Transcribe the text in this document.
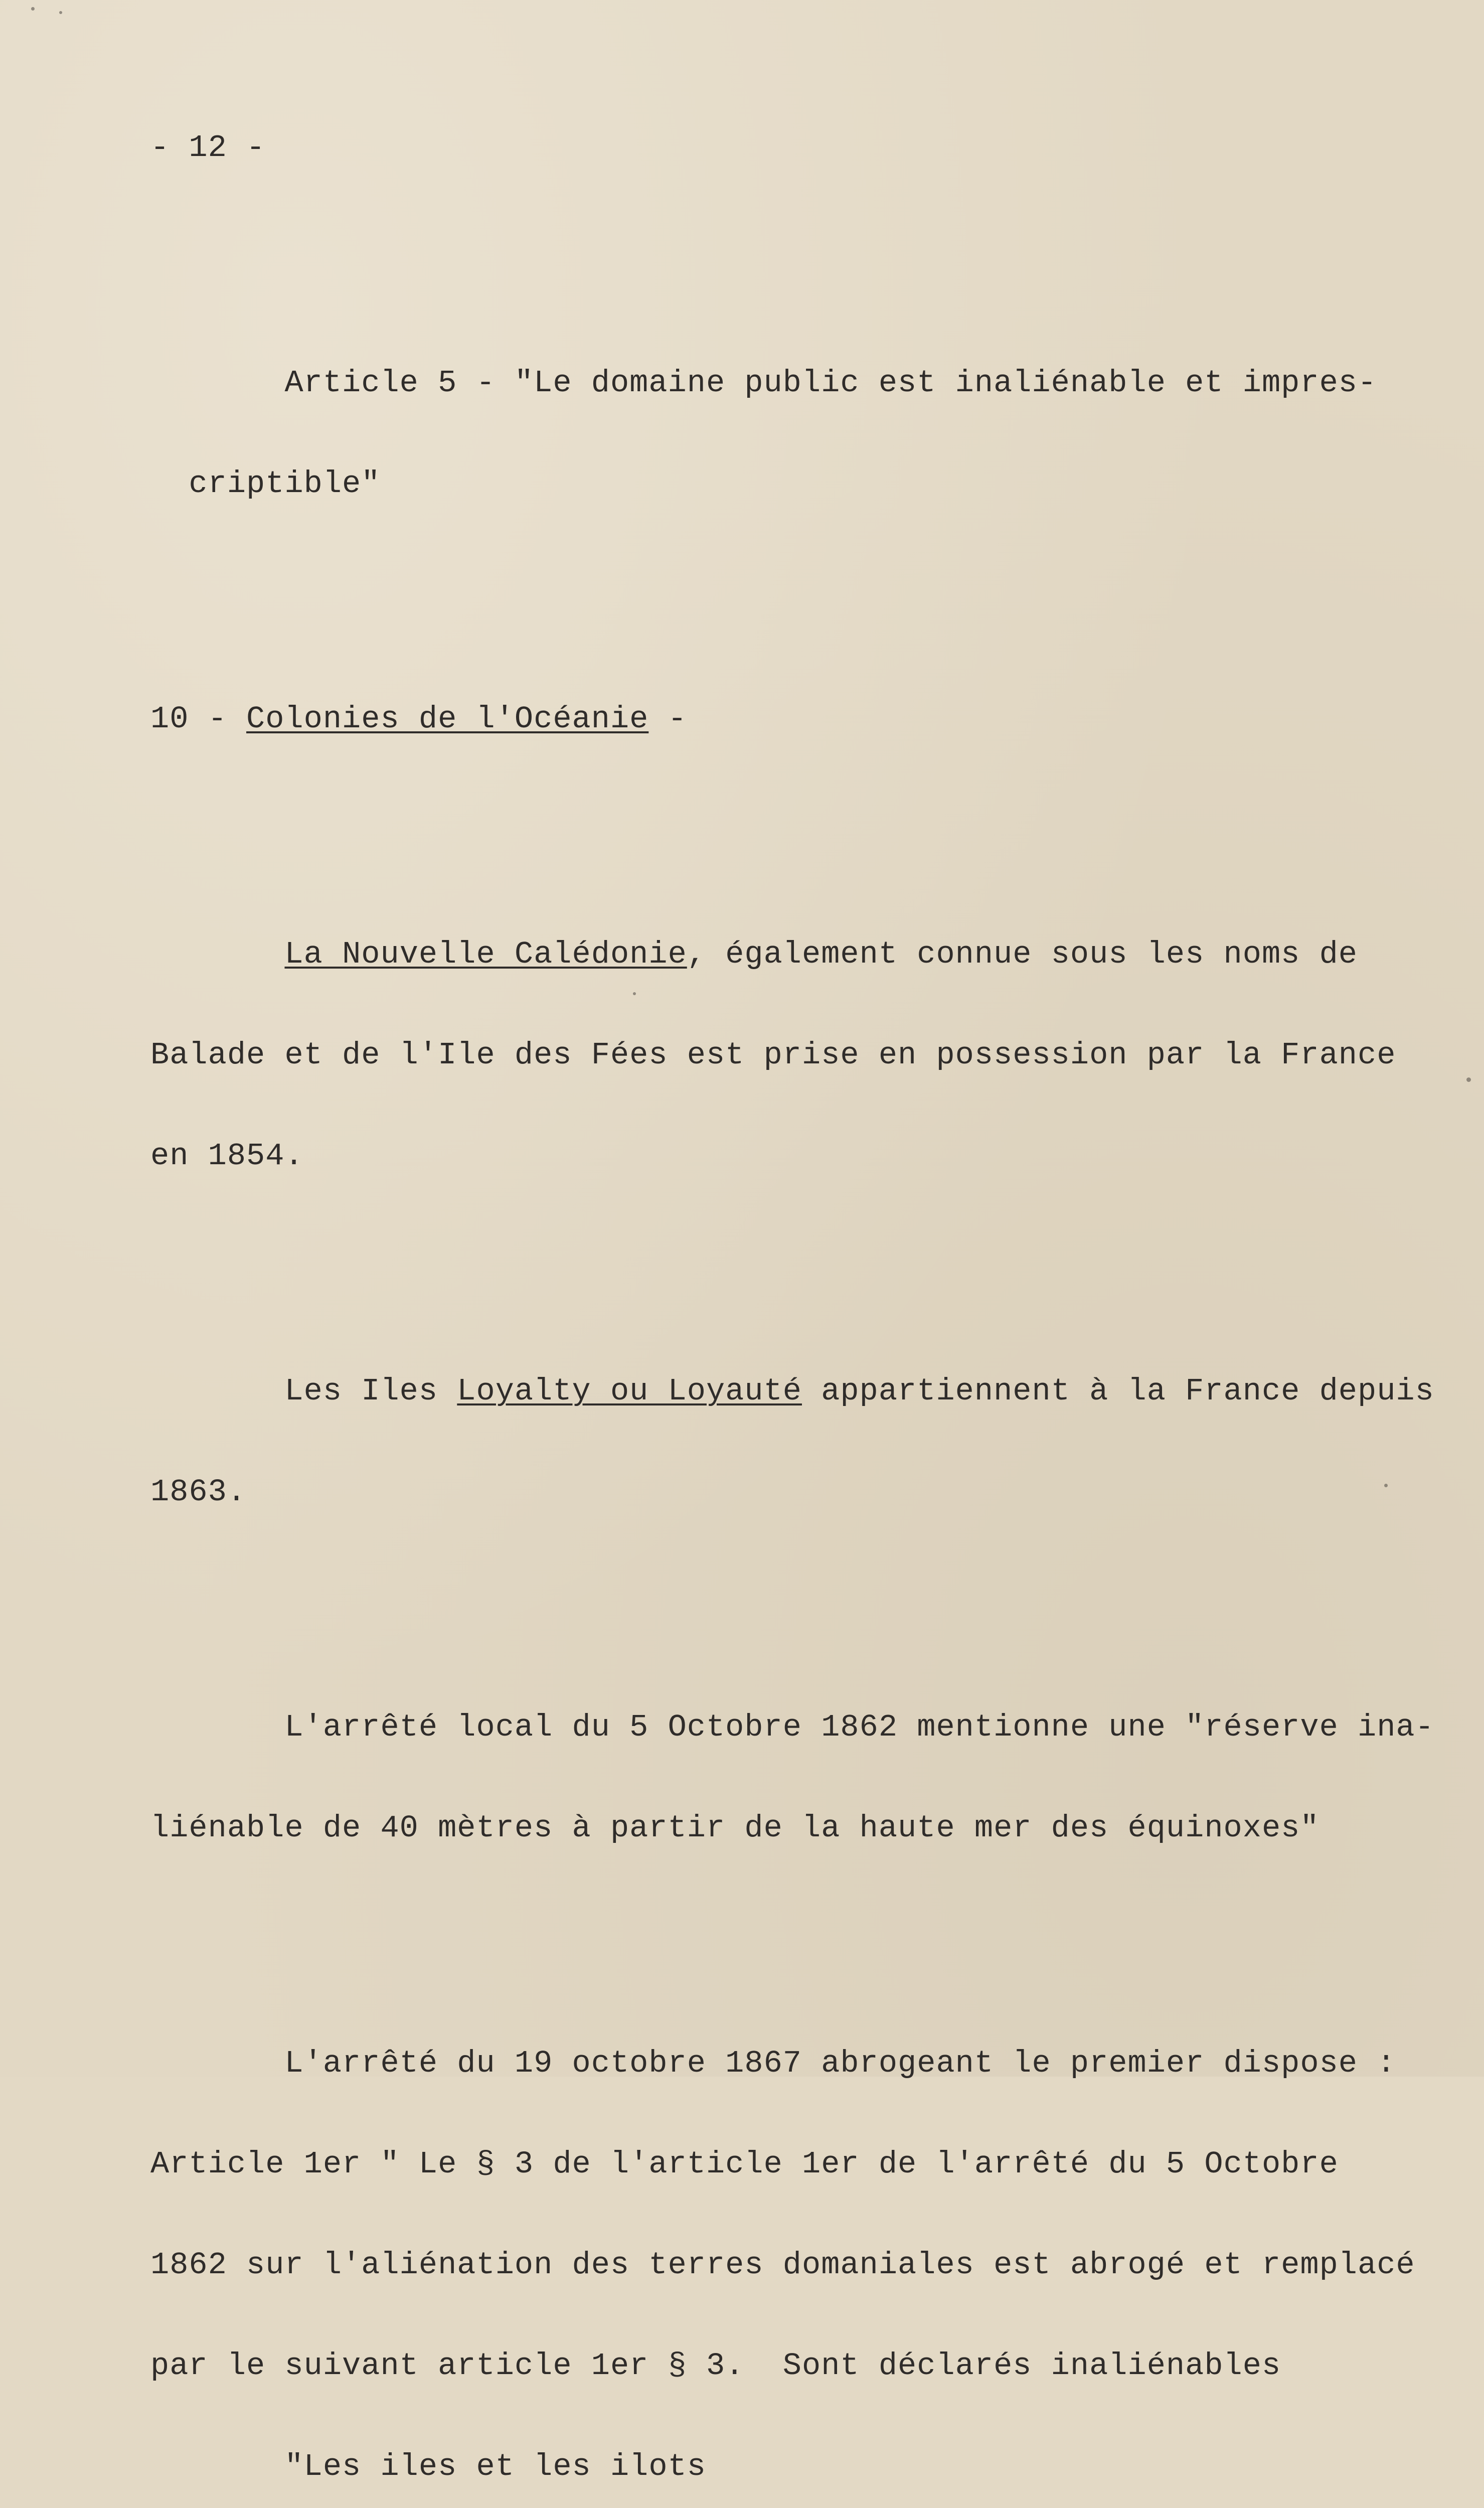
- 12 -

Article 5 - "Le domaine public est inaliénable et impres-

criptible"

10 - Colonies de l'Océanie -

La Nouvelle Calédonie, également connue sous les noms de

Balade et de l'Ile des Fées est prise en possession par la France

en 1854.

Les Iles Loyalty ou Loyauté appartiennent à la France depuis

1863.

L'arrêté local du 5 Octobre 1862 mentionne une "réserve ina-

liénable de 40 mètres à partir de la haute mer des équinoxes"

L'arrêté du 19 octobre 1867 abrogeant le premier dispose :

Article 1er " Le § 3 de l'article 1er de l'arrêté du 5 Octobre

1862 sur l'aliénation des terres domaniales est abrogé et remplacé

par le suivant article 1er § 3.  Sont déclarés inaliénables

"Les iles et les ilots
